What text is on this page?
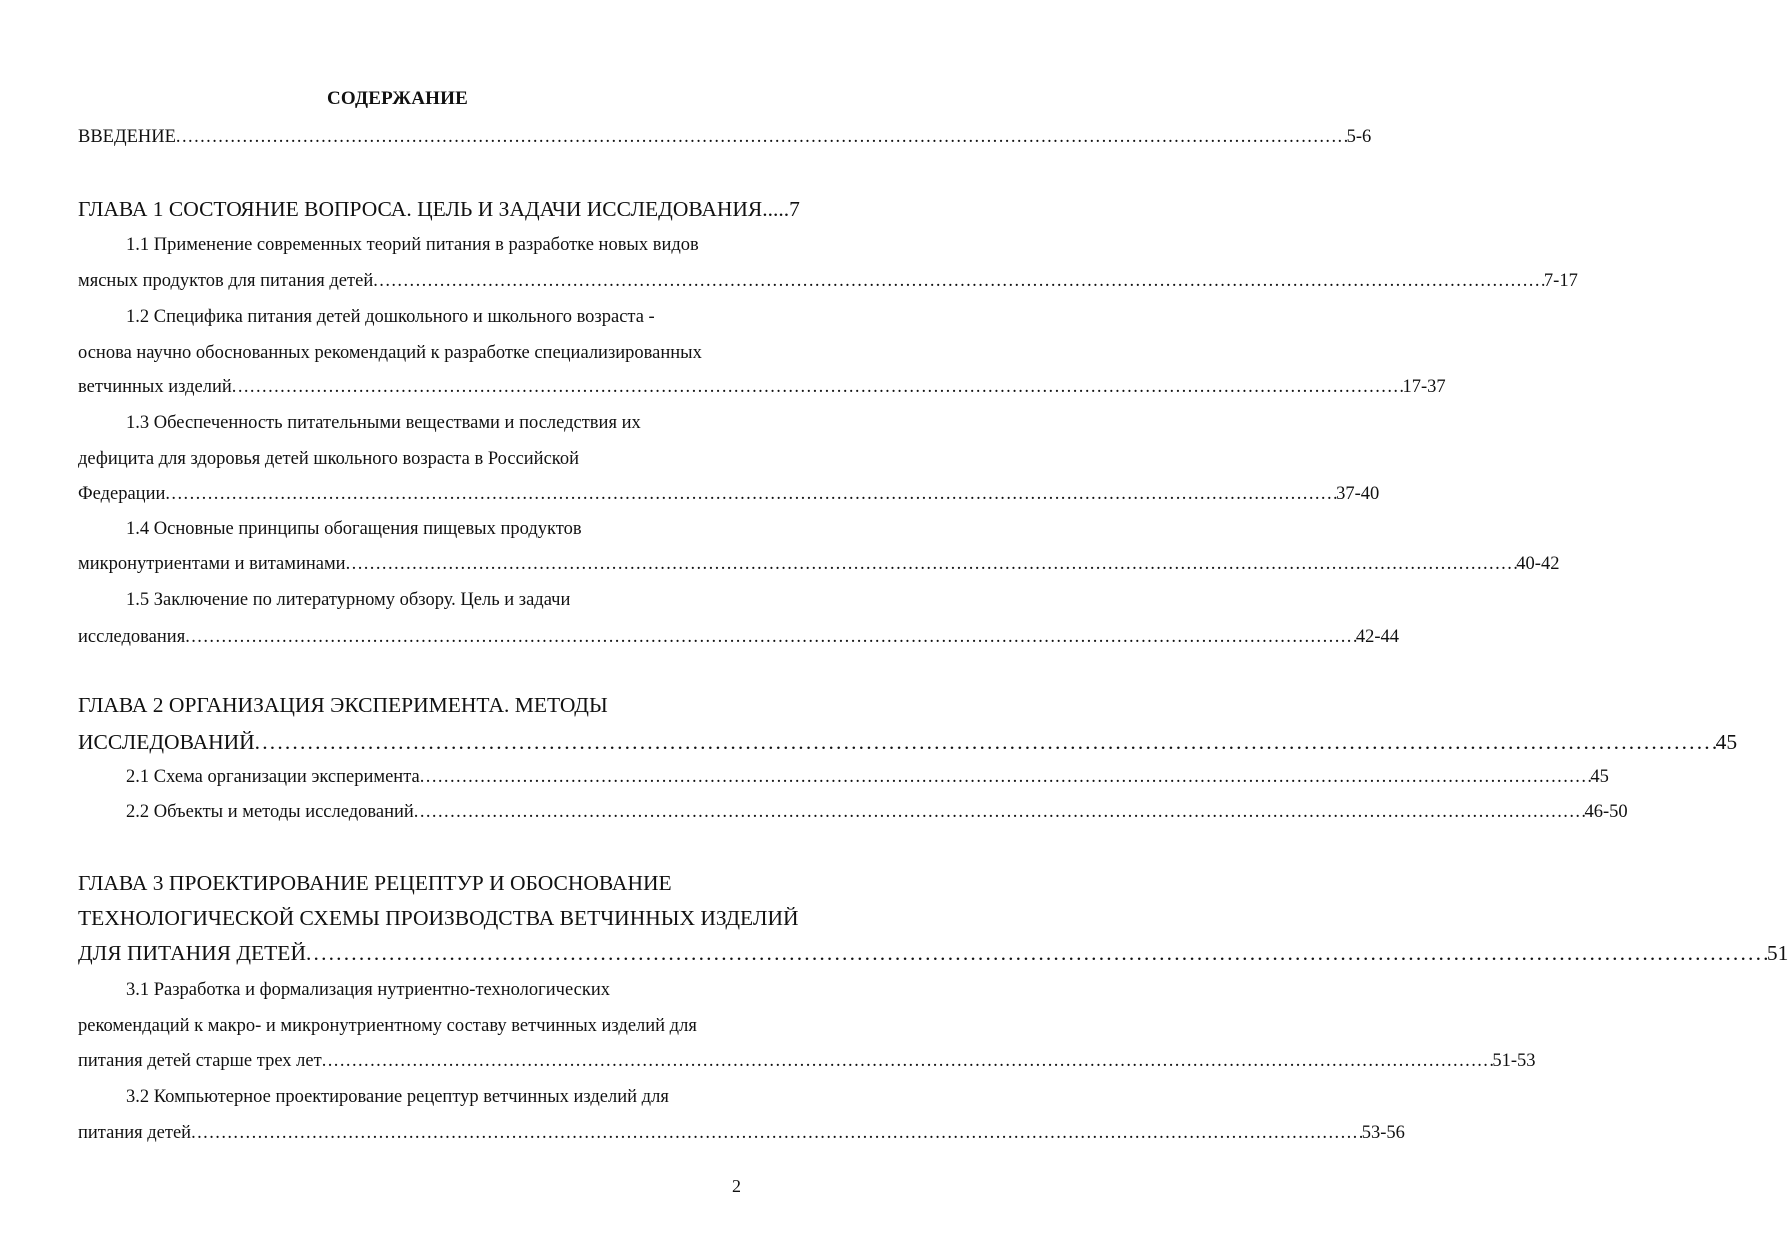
СОДЕРЖАНИЕ
ВВЕДЕНИЕ . . .	5-6
ГЛАВА 1 СОСТОЯНИЕ ВОПРОСА. ЦЕЛЬ И ЗАДАЧИ ИССЛЕДОВАНИЯ.....7
1.1 Применение современных теорий питания в разработке новых видов
мясных продуктов для питания детей . . .	7-17
1.2 Специфика питания детей дошкольного и школьного возраста -
основа научно обоснованных рекомендаций к разработке специализированных
ветчинных изделий . . .	17-37
1.3 Обеспеченность питательными веществами и последствия их
дефицита для здоровья детей школьного возраста в Российской
Федерации . . .	37-40
1.4 Основные принципы обогащения пищевых продуктов
микронутриентами и витаминами . . .	40-42
1.5 Заключение по литературному обзору. Цель и задачи
исследования . . .	42-44
ГЛАВА 2 ОРГАНИЗАЦИЯ ЭКСПЕРИМЕНТА. МЕТОДЫ
ИССЛЕДОВАНИЙ . . .	45
2.1 Схема организации эксперимента . . .	45
2.2 Объекты и методы исследований . . .	46-50
ГЛАВА 3 ПРОЕКТИРОВАНИЕ РЕЦЕПТУР И ОБОСНОВАНИЕ
ТЕХНОЛОГИЧЕСКОЙ СХЕМЫ ПРОИЗВОДСТВА ВЕТЧИННЫХ ИЗДЕЛИЙ
ДЛЯ ПИТАНИЯ ДЕТЕЙ . . .	51
3.1 Разработка и формализация нутриентно-технологических
рекомендаций к макро- и микронутриентному составу ветчинных изделий для
питания детей старше трех лет . . .	51-53
3.2 Компьютерное проектирование рецептур ветчинных изделий для
питания детей . . .	53-56
2
